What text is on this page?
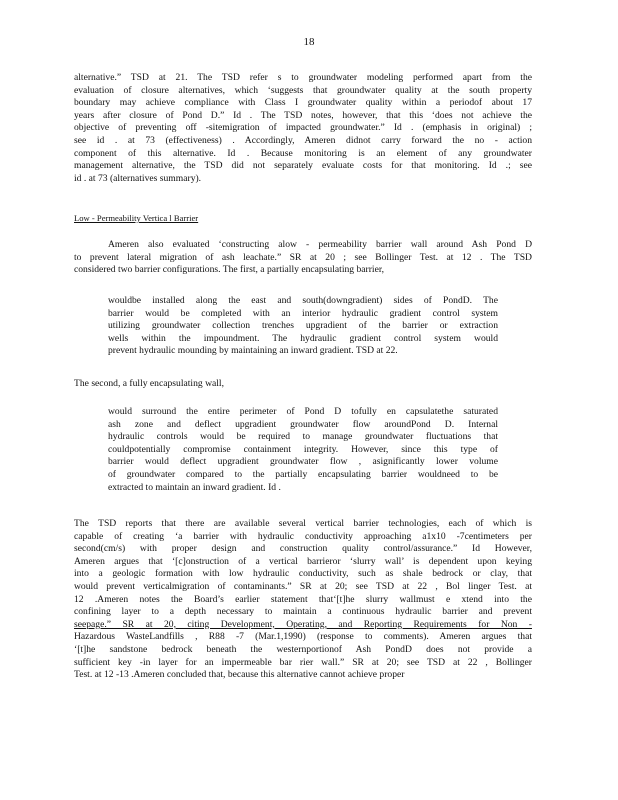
18
alternative.” TSD at 21. The TSD refer s to groundwater modeling performed apart from the
evaluation of closure alternatives, which ‘suggests that groundwater quality at the south property
boundary may achieve compliance with Class I groundwater quality within a periodof about 17
years after closure of Pond D.” Id . The TSD notes, however, that this ‘does not achieve the
objective of preventing off -sitemigration of impacted groundwater.” Id . (emphasis in original) ;
see id . at 73 (effectiveness) . Accordingly, Ameren didnot carry forward the no - action
component of this alternative. Id . Because monitoring is an element of any groundwater
management alternative, the TSD did not separately evaluate costs for that monitoring. Id .; see
id . at 73 (alternatives summary).
Low - Permeability Vertica l Barrier
Ameren also evaluated ‘constructing alow - permeability barrier wall around Ash Pond D
to prevent lateral migration of ash leachate.” SR at 20 ; see Bollinger Test. at 12 . The TSD
considered two barrier configurations. The first, a partially encapsulating barrier,
wouldbe installed along the east and south(downgradient) sides of PondD. The
barrier would be completed with an interior hydraulic gradient control system
utilizing groundwater collection trenches upgradient of the barrier or extraction
wells within the impoundment. The hydraulic gradient control system would
prevent hydraulic mounding by maintaining an inward gradient. TSD at 22.
The second, a fully encapsulating wall,
would surround the entire perimeter of Pond D tofully en capsulatethe saturated
ash zone and deflect upgradient groundwater flow aroundPond D. Internal
hydraulic controls would be required to manage groundwater fluctuations that
couldpotentially compromise containment integrity. However, since this type of
barrier would deflect upgradient groundwater flow , asignificantly lower volume
of groundwater compared to the partially encapsulating barrier wouldneed to be
extracted to maintain an inward gradient. Id .
The TSD reports that there are available several vertical barrier technologies, each of which is
capable of creating ‘a barrier with hydraulic conductivity approaching a1x10 -7centimeters per
second(cm/s) with proper design and construction quality control/assurance.” Id However,
Ameren argues that ‘[c]onstruction of a vertical barrieror ‘slurry wall’ is dependent upon keying
into a geologic formation with low hydraulic conductivity, such as shale bedrock or clay, that
would prevent verticalmigration of contaminants.” SR at 20; see TSD at 22 , Bol linger Test. at
12 .Ameren notes the Board’s earlier statement that‘[t]he slurry wallmust e xtend into the
confining layer to a depth necessary to maintain a continuous hydraulic barrier and prevent
seepage.” SR at 20, citing Development, Operating, and Reporting Requirements for Non -
Hazardous WasteLandfills , R88 -7 (Mar.1,1990) (response to comments). Ameren argues that
‘[t]he sandstone bedrock beneath the westernportionof Ash PondD does not provide a
sufficient key -in layer for an impermeable bar rier wall.” SR at 20; see TSD at 22 , Bollinger
Test. at 12 -13 .Ameren concluded that, because this alternative cannot achieve proper
